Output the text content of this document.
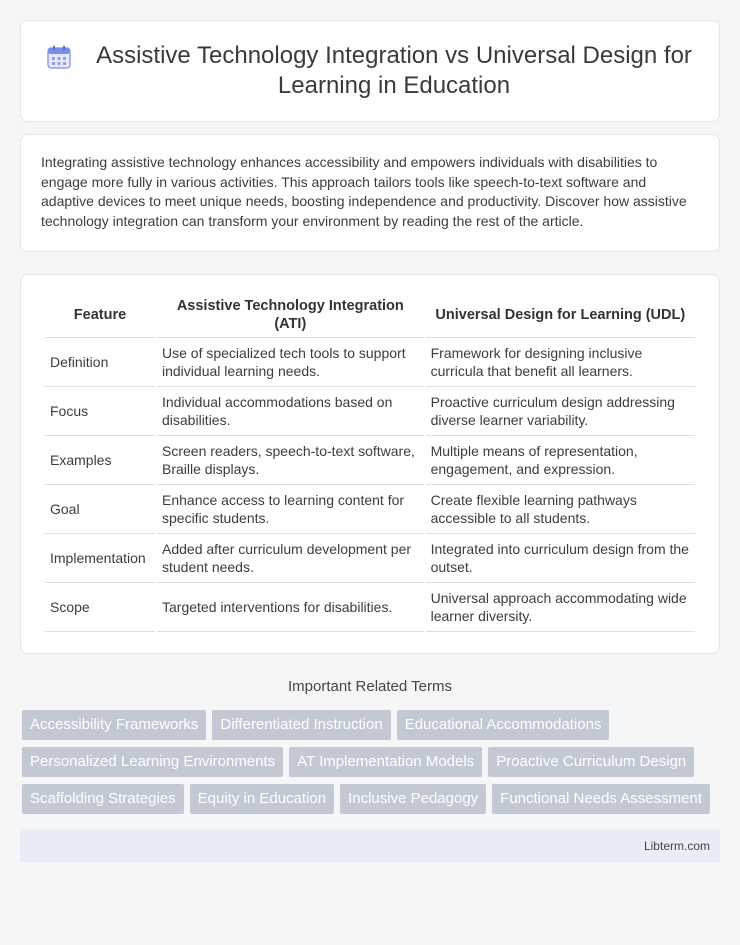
Assistive Technology Integration vs Universal Design for Learning in Education

Integrating assistive technology enhances accessibility and empowers individuals with disabilities to engage more fully in various activities. This approach tailors tools like speech-to-text software and adaptive devices to meet unique needs, boosting independence and productivity. Discover how assistive technology integration can transform your environment by reading the rest of the article.

Feature	Assistive Technology Integration (ATI)	Universal Design for Learning (UDL)
Definition	Use of specialized tech tools to support individual learning needs.	Framework for designing inclusive curricula that benefit all learners.
Focus	Individual accommodations based on disabilities.	Proactive curriculum design addressing diverse learner variability.
Examples	Screen readers, speech-to-text software, Braille displays.	Multiple means of representation, engagement, and expression.
Goal	Enhance access to learning content for specific students.	Create flexible learning pathways accessible to all students.
Implementation	Added after curriculum development per student needs.	Integrated into curriculum design from the outset.
Scope	Targeted interventions for disabilities.	Universal approach accommodating wide learner diversity.
Important Related Terms
Accessibility Frameworks	Differentiated Instruction	Educational Accommodations
Personalized Learning Environments	AT Implementation Models	Proactive Curriculum Design
Scaffolding Strategies	Equity in Education	Inclusive Pedagogy	Functional Needs Assessment
Libterm.com
